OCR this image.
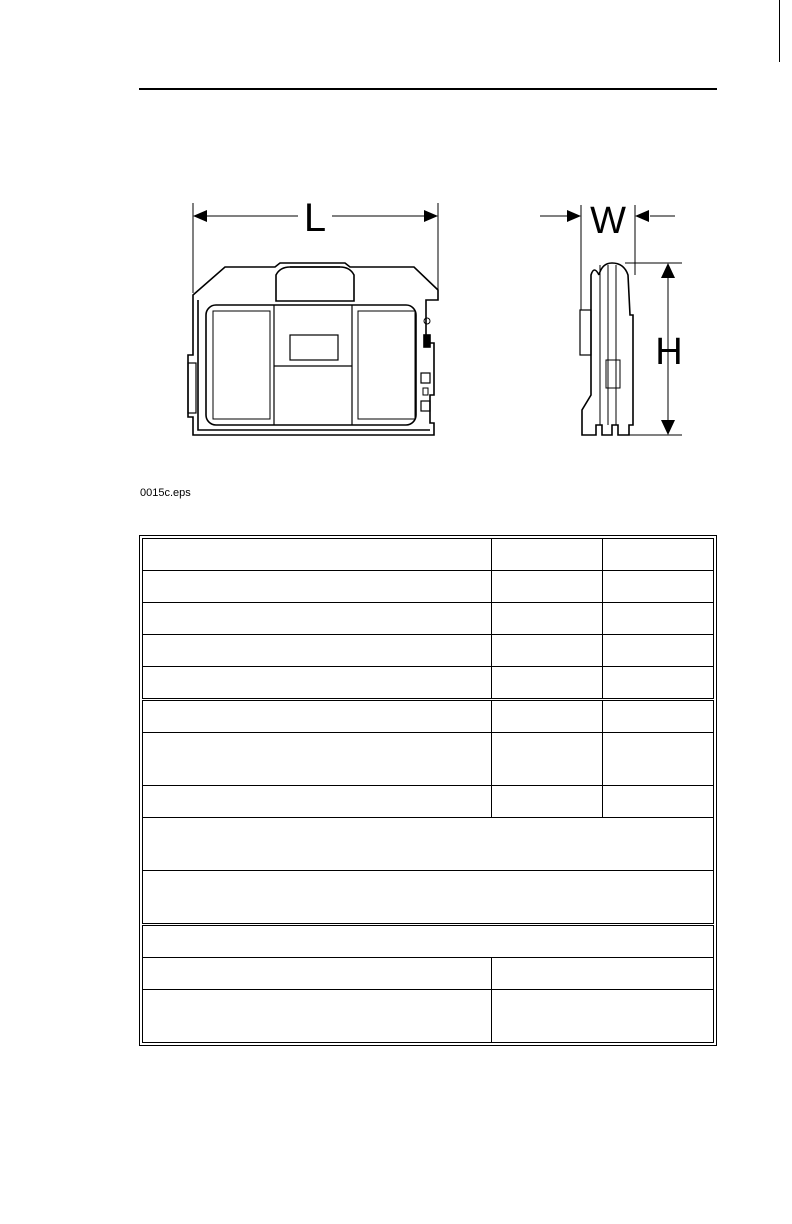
L	W
H
0015c.eps
